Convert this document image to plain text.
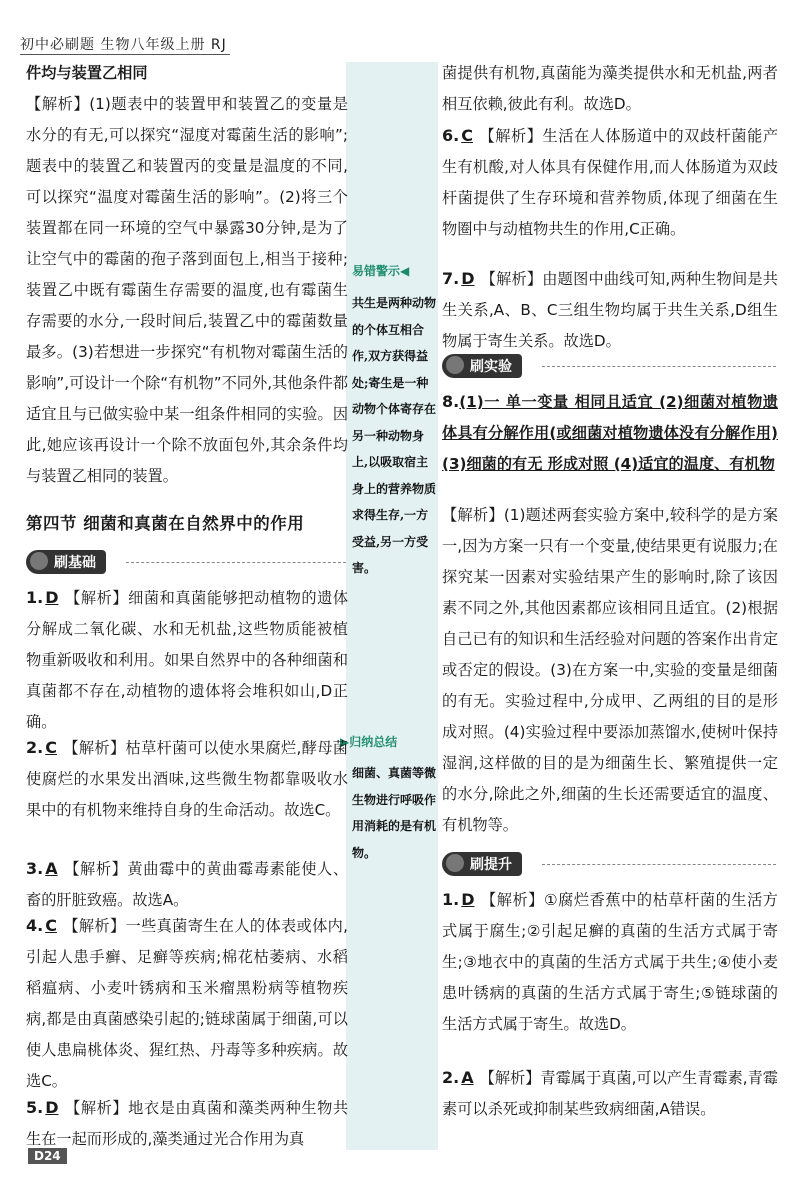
初中必刷题 生物八年级上册 RJ
易错警示◀
共生是两种动物的个体互相合作,双方获得益处;寄生是一种动物个体寄存在另一种动物身上,以吸取宿主身上的营养物质求得生存,一方受益,另一方受害。
▶归纳总结
细菌、真菌等微生物进行呼吸作用消耗的是有机物。

件均与装置乙相同

【解析】(1)题表中的装置甲和装置乙的变量是水分的有无,可以探究“湿度对霉菌生活的影响”;题表中的装置乙和装置丙的变量是温度的不同,可以探究“温度对霉菌生活的影响”。(2)将三个装置都在同一环境的空气中暴露30分钟,是为了让空气中的霉菌的孢子落到面包上,相当于接种;装置乙中既有霉菌生存需要的温度,也有霉菌生存需要的水分,一段时间后,装置乙中的霉菌数量最多。(3)若想进一步探究“有机物对霉菌生活的影响”,可设计一个除“有机物”不同外,其他条件都适宜且与已做实验中某一组条件相同的实验。因此,她应该再设计一个除不放面包外,其余条件均与装置乙相同的装置。

第四节 细菌和真菌在自然界中的作用
刷基础

1. D 【解析】细菌和真菌能够把动植物的遗体分解成二氧化碳、水和无机盐,这些物质能被植物重新吸收和利用。如果自然界中的各种细菌和真菌都不存在,动植物的遗体将会堆积如山,D正确。

2. C 【解析】枯草杆菌可以使水果腐烂,酵母菌使腐烂的水果发出酒味,这些微生物都靠吸收水果中的有机物来维持自身的生命活动。故选C。

3. A 【解析】黄曲霉中的黄曲霉毒素能使人、畜的肝脏致癌。故选A。

4. C 【解析】一些真菌寄生在人的体表或体内,引起人患手癣、足癣等疾病;棉花枯萎病、水稻稻瘟病、小麦叶锈病和玉米瘤黑粉病等植物疾病,都是由真菌感染引起的;链球菌属于细菌,可以使人患扁桃体炎、猩红热、丹毒等多种疾病。故选C。

5. D 【解析】地衣是由真菌和藻类两种生物共生在一起而形成的,藻类通过光合作用为真

菌提供有机物,真菌能为藻类提供水和无机盐,两者相互依赖,彼此有利。故选D。

6. C 【解析】生活在人体肠道中的双歧杆菌能产生有机酸,对人体具有保健作用,而人体肠道为双歧杆菌提供了生存环境和营养物质,体现了细菌在生物圈中与动植物共生的作用,C正确。

7. D 【解析】由题图中曲线可知,两种生物间是共生关系,A、B、C三组生物均属于共生关系,D组生物属于寄生关系。故选D。

刷实验

8.(1)一 单一变量 相同且适宜 (2)细菌对植物遗体具有分解作用(或细菌对植物遗体没有分解作用) (3)细菌的有无 形成对照 (4)适宜的温度、有机物

【解析】(1)题述两套实验方案中,较科学的是方案一,因为方案一只有一个变量,使结果更有说服力;在探究某一因素对实验结果产生的影响时,除了该因素不同之外,其他因素都应该相同且适宜。(2)根据自己已有的知识和生活经验对问题的答案作出肯定或否定的假设。(3)在方案一中,实验的变量是细菌的有无。实验过程中,分成甲、乙两组的目的是形成对照。(4)实验过程中要添加蒸馏水,使树叶保持湿润,这样做的目的是为细菌生长、繁殖提供一定的水分,除此之外,细菌的生长还需要适宜的温度、有机物等。

刷提升

1. D 【解析】①腐烂香蕉中的枯草杆菌的生活方式属于腐生;②引起足癣的真菌的生活方式属于寄生;③地衣中的真菌的生活方式属于共生;④使小麦患叶锈病的真菌的生活方式属于寄生;⑤链球菌的生活方式属于寄生。故选D。

2. A 【解析】青霉属于真菌,可以产生青霉素,青霉素可以杀死或抑制某些致病细菌,A错误。

D24
